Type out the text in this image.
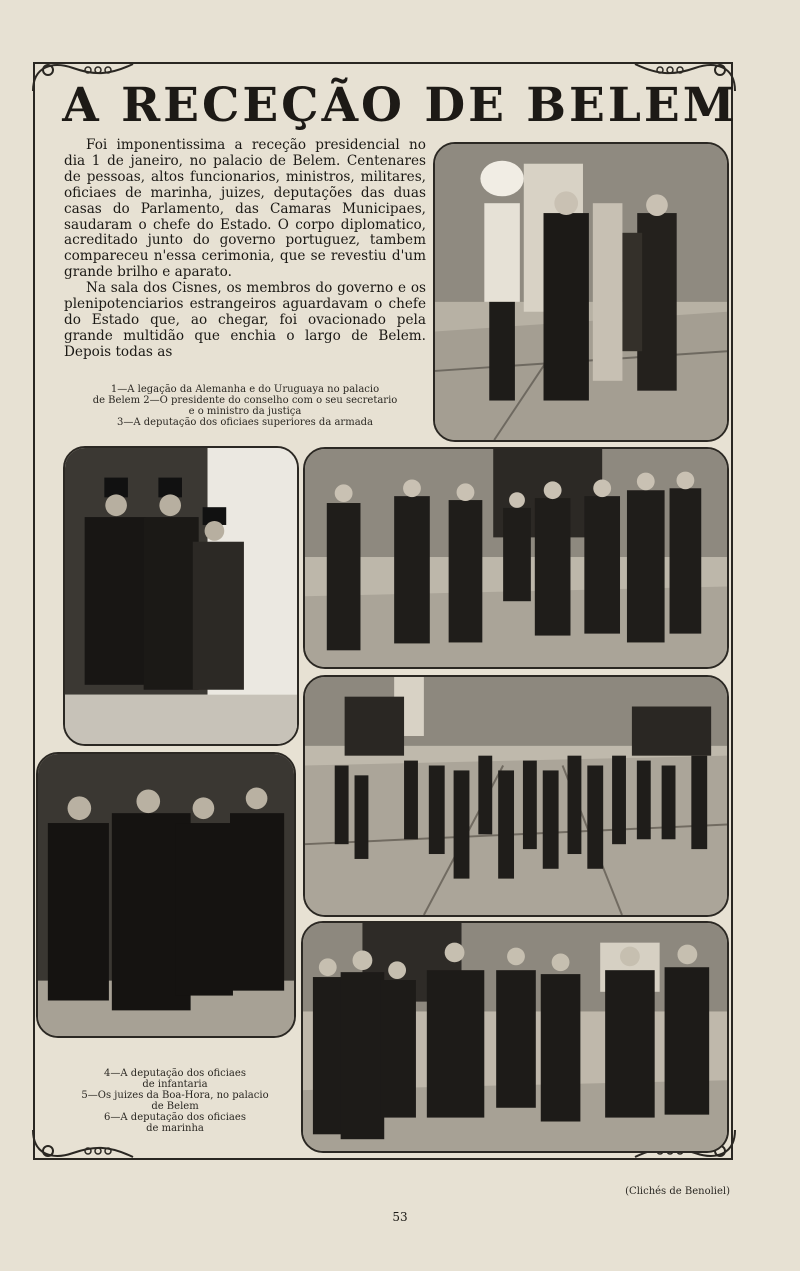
A RECEÇÃO DE BELEM

Foi imponentissima a receção presidencial no dia 1 de janeiro, no palacio de Belem. Centenares de pessoas, altos funcionarios, ministros, militares, oficiaes de marinha, juizes, deputações das duas casas do Parlamento, das Camaras Municipaes, saudaram o chefe do Estado. O corpo diplomatico, acreditado junto do governo portuguez, tambem compareceu n'essa cerimonia, que se revestiu d'um grande brilho e aparato.

Na sala dos Cisnes, os membros do governo e os plenipotenciarios estrangeiros aguardavam o chefe do Estado que, ao chegar, foi ovacionado pela grande multidão que enchia o largo de Belem. Depois todas as

1—A legação da Alemanha e do Uruguaya no palacio
de Belem 2—O presidente do conselho com o seu secretario
e o ministro da justiça
3—A deputação dos oficiaes superiores da armada
4—A deputação dos oficiaes
de infantaria
5—Os juizes da Boa-Hora, no palacio
de Belem
6—A deputação dos oficiaes
de marinha
(Clichés de Benoliel)
53
